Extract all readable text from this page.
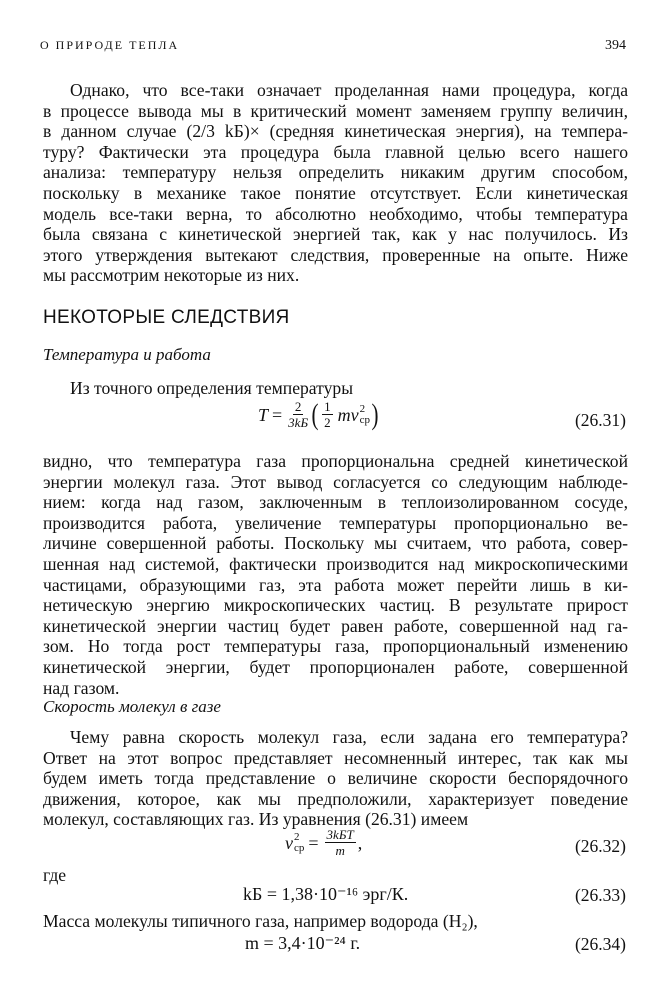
О ПРИРОДЕ ТЕПЛА	394
Однако, что все-таки означает проделанная нами процедура, когда
в процессе вывода мы в критический момент заменяем группу величин,
в данном случае (2/3 kБ)× (средняя кинетическая энергия), на темпера-
туру? Фактически эта процедура была главной целью всего нашего
анализа: температуру нельзя определить никаким другим способом,
поскольку в механике такое понятие отсутствует. Если кинетическая
модель все-таки верна, то абсолютно необходимо, чтобы температура
была связана с кинетической энергией так, как у нас получилось. Из
этого утверждения вытекают следствия, проверенные на опыте. Ниже
мы рассмотрим некоторые из них.
НЕКОТОРЫЕ СЛЕДСТВИЯ
Температура и работа
Из точного определения температуры
$T = \frac{2}{3kБ}$ ( $\frac{1}{2}$ mv 2
ср )	(26.31)
видно, что температура газа пропорциональна средней кинетической
энергии молекул газа. Этот вывод согласуется со следующим наблюде-
нием: когда над газом, заключенным в теплоизолированном сосуде,
производится работа, увеличение температуры пропорционально ве-
личине совершенной работы. Поскольку мы считаем, что работа, совер-
шенная над системой, фактически производится над микроскопическими
частицами, образующими газ, эта работа может перейти лишь в ки-
нетическую энергию микроскопических частиц. В результате прирост
кинетической энергии частиц будет равен работе, совершенной над га-
зом. Но тогда рост температуры газа, пропорциональный изменению
кинетической энергии, будет пропорционален работе, совершенной
над газом.
Скорость молекул в газе
Чему равна скорость молекул газа, если задана его температура?
Ответ на этот вопрос представляет несомненный интерес, так как мы
будем иметь тогда представление о величине скорости беспорядочного
движения, которое, как мы предположили, характеризует поведение
молекул, составляющих газ. Из уравнения (26.31) имеем
v 2
ср = $\frac{\text{3kБT}}{m}$ ,	(26.32)
где
kБ = 1,38·10⁻¹⁶ эрг/К.	(26.33)
Масса молекулы типичного газа, например водорода (H₂),
m = 3,4·10⁻²⁴ г.	(26.34)
